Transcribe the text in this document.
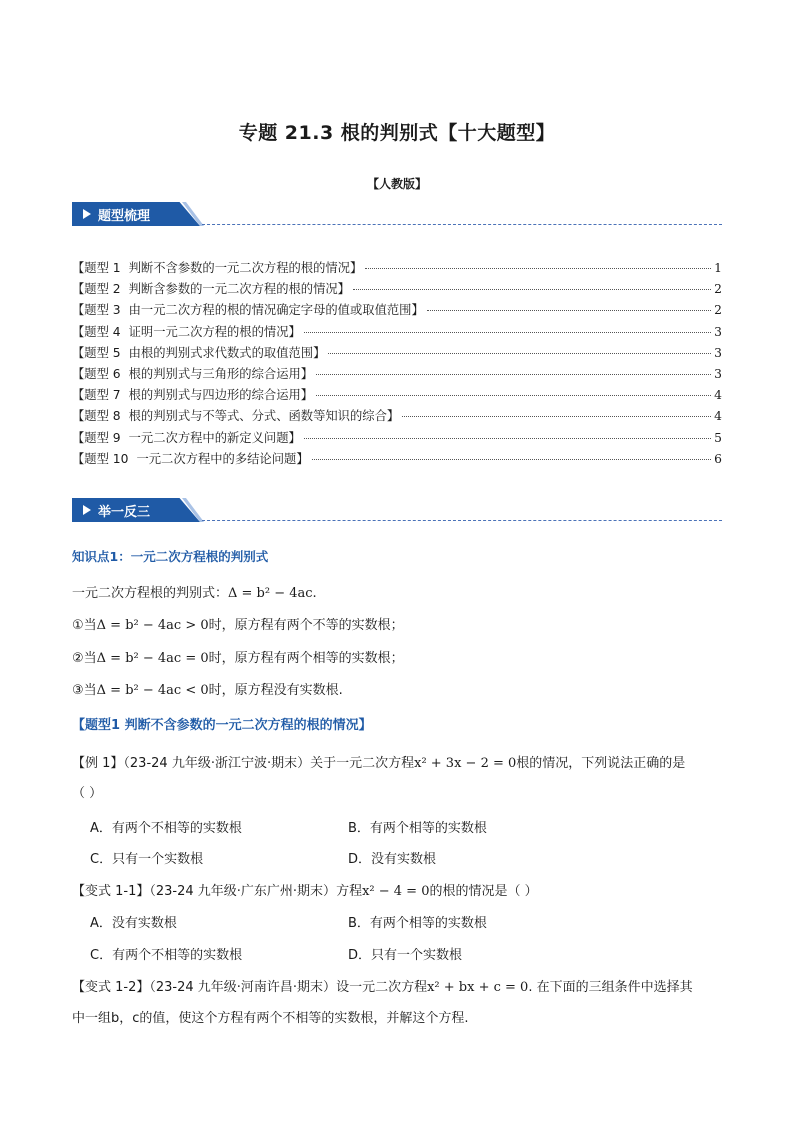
专题 21.3 根的判别式【十大题型】
【人教版】
题型梳理
【题型 1 判断不含参数的一元二次方程的根的情况】	1
【题型 2 判断含参数的一元二次方程的根的情况】	2
【题型 3 由一元二次方程的根的情况确定字母的值或取值范围】	2
【题型 4 证明一元二次方程的根的情况】	3
【题型 5 由根的判别式求代数式的取值范围】	3
【题型 6 根的判别式与三角形的综合运用】	3
【题型 7 根的判别式与四边形的综合运用】	4
【题型 8 根的判别式与不等式、分式、函数等知识的综合】	4
【题型 9 一元二次方程中的新定义问题】	5
【题型 10 一元二次方程中的多结论问题】	6
举一反三
知识点1：一元二次方程根的判别式
一元二次方程根的判别式：Δ = b² − 4ac.
①当Δ = b² − 4ac > 0时，原方程有两个不等的实数根；
②当Δ = b² − 4ac = 0时，原方程有两个相等的实数根；
③当Δ = b² − 4ac < 0时，原方程没有实数根.
【题型1 判断不含参数的一元二次方程的根的情况】
【例 1】（23-24 九年级·浙江宁波·期末）关于一元二次方程x² + 3x − 2 = 0根的情况，下列说法正确的是
（ ）
A．有两个不相等的实数根	B．有两个相等的实数根
C．只有一个实数根	D．没有实数根
【变式 1-1】（23-24 九年级·广东广州·期末）方程x² − 4 = 0的根的情况是（ ）
A．没有实数根	B．有两个相等的实数根
C．有两个不相等的实数根	D．只有一个实数根
【变式 1-2】（23-24 九年级·河南许昌·期末）设一元二次方程x² + bx + c = 0. 在下面的三组条件中选择其
中一组b，c的值，使这个方程有两个不相等的实数根，并解这个方程.
